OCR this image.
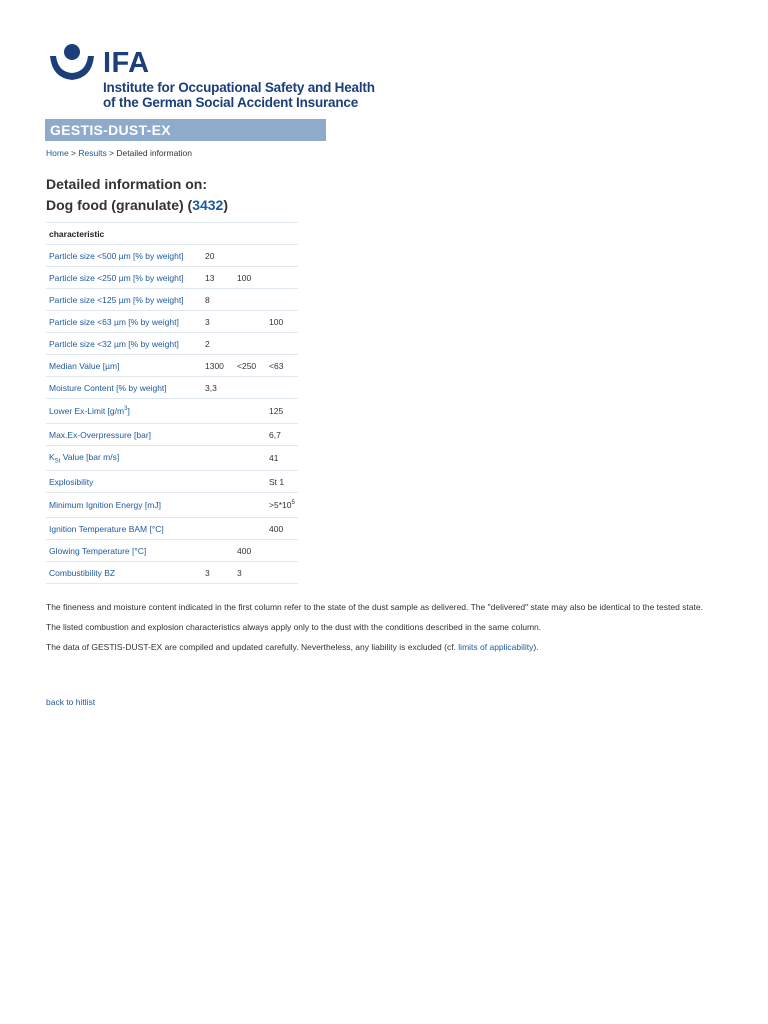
IFA
Institute for Occupational Safety and Health
of the German Social Accident Insurance
GESTIS-DUST-EX
Home > Results > Detailed information
Detailed information on:
Dog food (granulate) (3432)
characteristic			
Particle size <500 µm [% by weight]	20		
Particle size <250 µm [% by weight]	13	100	
Particle size <125 µm [% by weight]	8		
Particle size <63 µm [% by weight]	3		100
Particle size <32 µm [% by weight]	2		
Median Value [µm]	1300	<250	<63
Moisture Content [% by weight]	3,3		
Lower Ex-Limit $[g/m^3]$			125
Max.Ex-Overpressure [bar]			6,7
$K_{St}$ Value [bar m/s]			41
Explosibility			St 1
Minimum Ignition Energy [mJ]			$>5*10^5$
Ignition Temperature BAM [°C]			400
Glowing Temperature [°C]		400	
Combustibility BZ	3	3	

The fineness and moisture content indicated in the first column refer to the state of the dust sample as delivered. The "delivered" state may also be identical to the tested state.

The listed combustion and explosion characteristics always apply only to the dust with the conditions described in the same column.

The data of GESTIS-DUST-EX are compiled and updated carefully. Nevertheless, any liability is excluded (cf. limits of applicability).

back to hitlist
